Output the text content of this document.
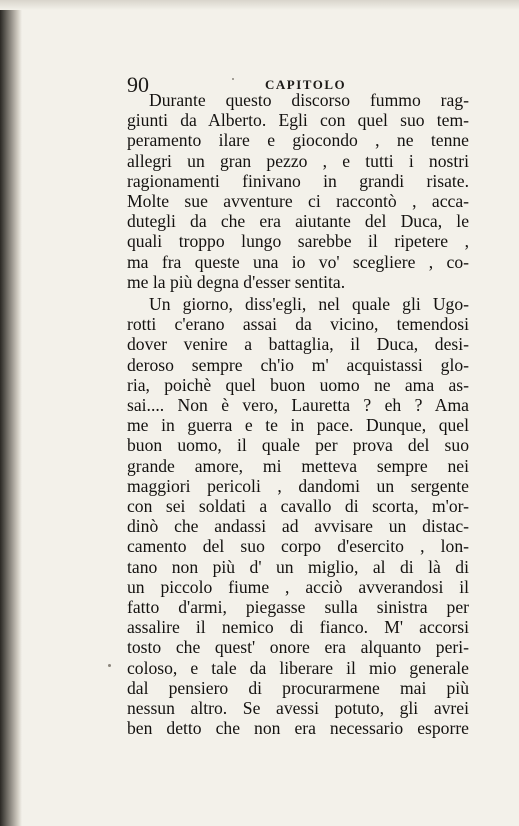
90	CAPITOLO
Durante questo discorso fummo rag-
giunti da Alberto. Egli con quel suo tem-
peramento ilare e giocondo , ne tenne
allegri un gran pezzo , e tutti i nostri
ragionamenti finivano in grandi risate.
Molte sue avventure ci raccontò , acca-
dutegli da che era aiutante del Duca, le
quali troppo lungo sarebbe il ripetere ,
ma fra queste una io vo' scegliere , co-
me la più degna d'esser sentita.
Un giorno, diss'egli, nel quale gli Ugo-
rotti c'erano assai da vicino, temendosi
dover venire a battaglia, il Duca, desi-
deroso sempre ch'io m' acquistassi glo-
ria, poichè quel buon uomo ne ama as-
sai.... Non è vero, Lauretta ? eh ? Ama
me in guerra e te in pace. Dunque, quel
buon uomo, il quale per prova del suo
grande amore, mi metteva sempre nei
maggiori pericoli , dandomi un sergente
con sei soldati a cavallo di scorta, m'or-
dinò che andassi ad avvisare un distac-
camento del suo corpo d'esercito , lon-
tano non più d' un miglio, al di là di
un piccolo fiume , acciò avverandosi il
fatto d'armi, piegasse sulla sinistra per
assalire il nemico di fianco. M' accorsi
tosto che quest' onore era alquanto peri-
coloso, e tale da liberare il mio generale
dal pensiero di procurarmene mai più
nessun altro. Se avessi potuto, gli avrei
ben detto che non era necessario esporre
